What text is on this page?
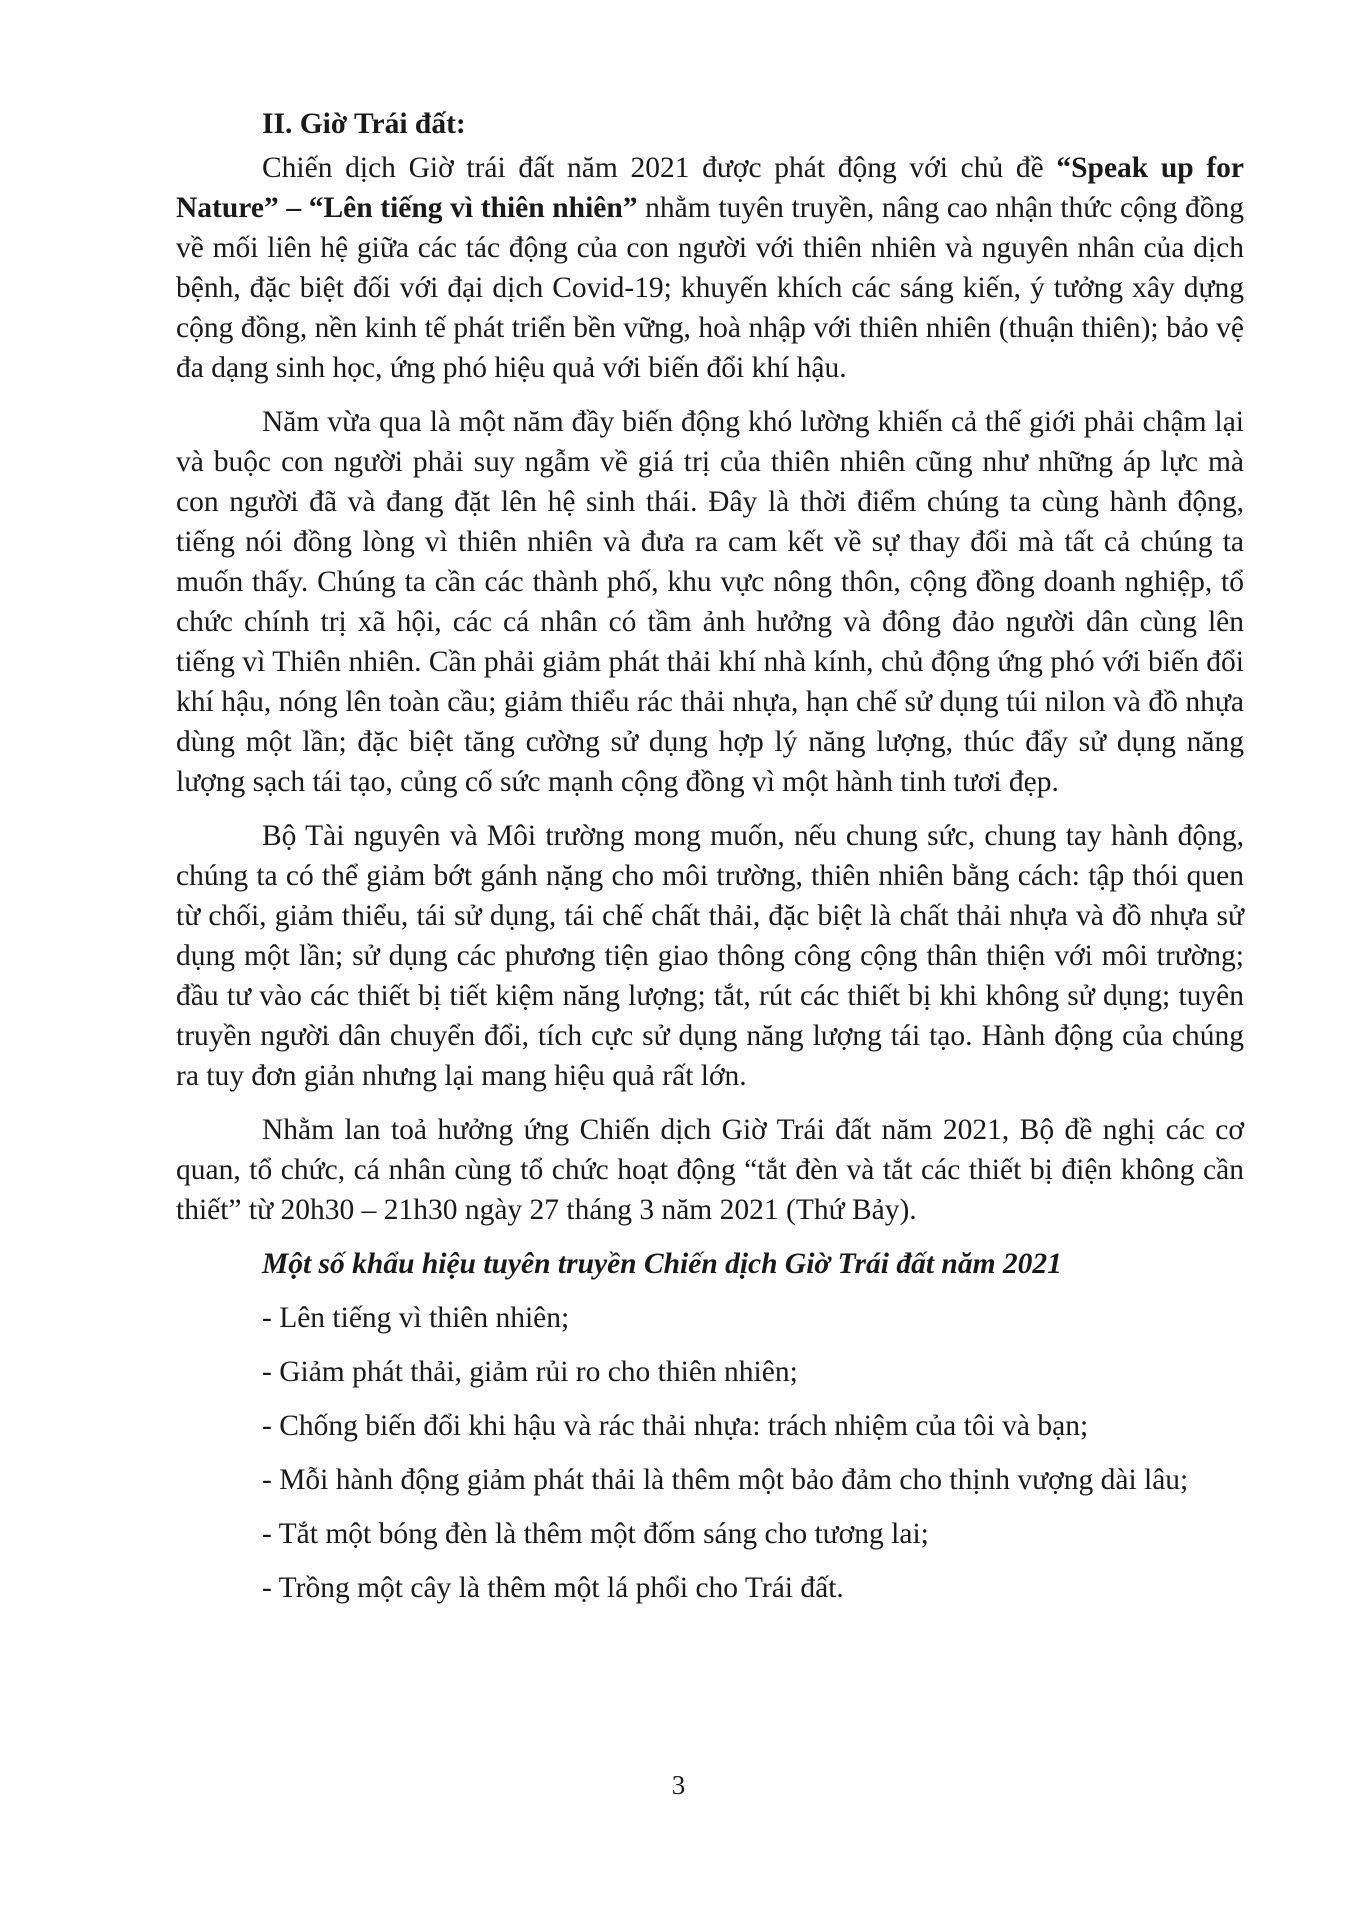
II. Giờ Trái đất:

Chiến dịch Giờ trái đất năm 2021 được phát động với chủ đề “Speak up for Nature” – “Lên tiếng vì thiên nhiên” nhằm tuyên truyền, nâng cao nhận thức cộng đồng về mối liên hệ giữa các tác động của con người với thiên nhiên và nguyên nhân của dịch bệnh, đặc biệt đối với đại dịch Covid-19; khuyến khích các sáng kiến, ý tưởng xây dựng cộng đồng, nền kinh tế phát triển bền vững, hoà nhập với thiên nhiên (thuận thiên); bảo vệ đa dạng sinh học, ứng phó hiệu quả với biến đổi khí hậu.

Năm vừa qua là một năm đầy biến động khó lường khiến cả thế giới phải chậm lại và buộc con người phải suy ngẫm về giá trị của thiên nhiên cũng như những áp lực mà con người đã và đang đặt lên hệ sinh thái. Đây là thời điểm chúng ta cùng hành động, tiếng nói đồng lòng vì thiên nhiên và đưa ra cam kết về sự thay đổi mà tất cả chúng ta muốn thấy. Chúng ta cần các thành phố, khu vực nông thôn, cộng đồng doanh nghiệp, tổ chức chính trị xã hội, các cá nhân có tầm ảnh hưởng và đông đảo người dân cùng lên tiếng vì Thiên nhiên. Cần phải giảm phát thải khí nhà kính, chủ động ứng phó với biến đổi khí hậu, nóng lên toàn cầu; giảm thiểu rác thải nhựa, hạn chế sử dụng túi nilon và đồ nhựa dùng một lần; đặc biệt tăng cường sử dụng hợp lý năng lượng, thúc đẩy sử dụng năng lượng sạch tái tạo, củng cố sức mạnh cộng đồng vì một hành tinh tươi đẹp.

Bộ Tài nguyên và Môi trường mong muốn, nếu chung sức, chung tay hành động, chúng ta có thể giảm bớt gánh nặng cho môi trường, thiên nhiên bằng cách: tập thói quen từ chối, giảm thiểu, tái sử dụng, tái chế chất thải, đặc biệt là chất thải nhựa và đồ nhựa sử dụng một lần; sử dụng các phương tiện giao thông công cộng thân thiện với môi trường; đầu tư vào các thiết bị tiết kiệm năng lượng; tắt, rút các thiết bị khi không sử dụng; tuyên truyền người dân chuyển đổi, tích cực sử dụng năng lượng tái tạo. Hành động của chúng ra tuy đơn giản nhưng lại mang hiệu quả rất lớn.

Nhằm lan toả hưởng ứng Chiến dịch Giờ Trái đất năm 2021, Bộ đề nghị các cơ quan, tổ chức, cá nhân cùng tổ chức hoạt động “tắt đèn và tắt các thiết bị điện không cần thiết” từ 20h30 – 21h30 ngày 27 tháng 3 năm 2021 (Thứ Bảy).

Một số khẩu hiệu tuyên truyền Chiến dịch Giờ Trái đất năm 2021
- Lên tiếng vì thiên nhiên;
- Giảm phát thải, giảm rủi ro cho thiên nhiên;
- Chống biến đổi khi hậu và rác thải nhựa: trách nhiệm của tôi và bạn;
- Mỗi hành động giảm phát thải là thêm một bảo đảm cho thịnh vượng dài lâu;
- Tắt một bóng đèn là thêm một đốm sáng cho tương lai;
- Trồng một cây là thêm một lá phổi cho Trái đất.
3
